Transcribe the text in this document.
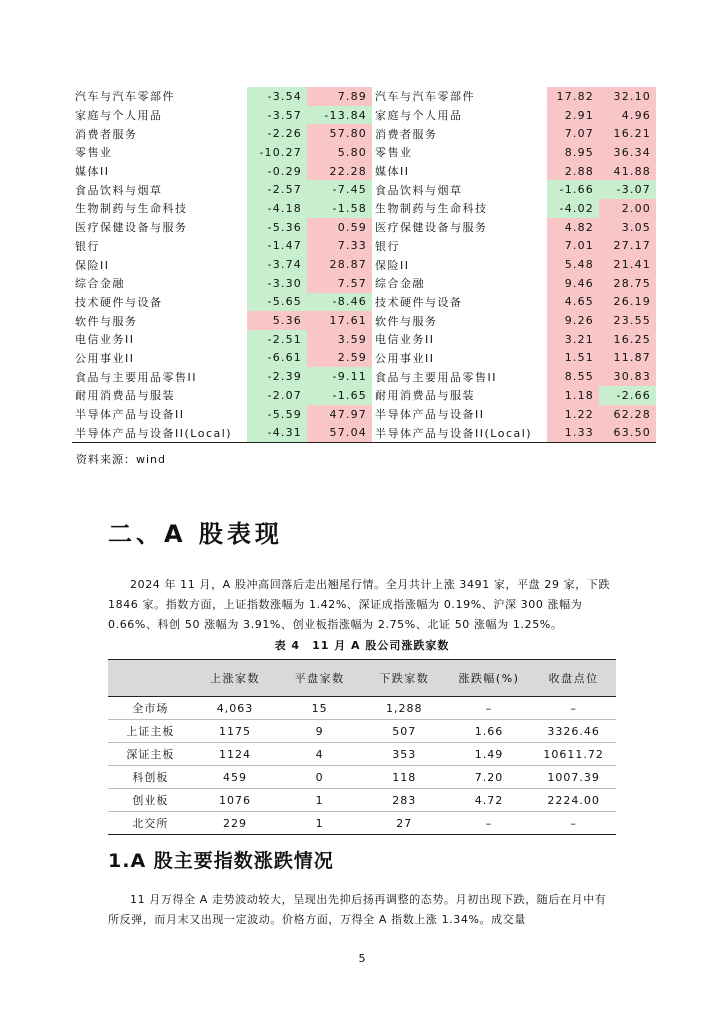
汽车与汽车零部件	-3.54	7.89	汽车与汽车零部件	17.82	32.10
家庭与个人用品	-3.57	-13.84	家庭与个人用品	2.91	4.96
消费者服务	-2.26	57.80	消费者服务	7.07	16.21
零售业	-10.27	5.80	零售业	8.95	36.34
媒体II	-0.29	22.28	媒体II	2.88	41.88
食品饮料与烟草	-2.57	-7.45	食品饮料与烟草	-1.66	-3.07
生物制药与生命科技	-4.18	-1.58	生物制药与生命科技	-4.02	2.00
医疗保健设备与服务	-5.36	0.59	医疗保健设备与服务	4.82	3.05
银行	-1.47	7.33	银行	7.01	27.17
保险II	-3.74	28.87	保险II	5.48	21.41
综合金融	-3.30	7.57	综合金融	9.46	28.75
技术硬件与设备	-5.65	-8.46	技术硬件与设备	4.65	26.19
软件与服务	5.36	17.61	软件与服务	9.26	23.55
电信业务II	-2.51	3.59	电信业务II	3.21	16.25
公用事业II	-6.61	2.59	公用事业II	1.51	11.87
食品与主要用品零售II	-2.39	-9.11	食品与主要用品零售II	8.55	30.83
耐用消费品与服装	-2.07	-1.65	耐用消费品与服装	1.18	-2.66
半导体产品与设备II	-5.59	47.97	半导体产品与设备II	1.22	62.28
半导体产品与设备II(Local)	-4.31	57.04	半导体产品与设备II(Local)	1.33	63.50
资料来源：wind
二、A 股表现

2024 年 11 月，A 股冲高回落后走出翘尾行情。全月共计上涨 3491 家，平盘 29 家，下跌 1846 家。指数方面，上证指数涨幅为 1.42%、深证成指涨幅为 0.19%、沪深 300 涨幅为 0.66%、科创 50 涨幅为 3.91%、创业板指涨幅为 2.75%、北证 50 涨幅为 1.25%。

表 4　11 月 A 股公司涨跌家数
	上涨家数	平盘家数	下跌家数	涨跌幅(%)	收盘点位
全市场	4,063	15	1,288	–	–
上证主板	1175	9	507	1.66	3326.46
深证主板	1124	4	353	1.49	10611.72
科创板	459	0	118	7.20	1007.39
创业板	1076	1	283	4.72	2224.00
北交所	229	1	27	–	–
1.A 股主要指数涨跌情况

11 月万得全 A 走势波动较大，呈现出先抑后扬再调整的态势。月初出现下跌，随后在月中有所反弹，而月末又出现一定波动。价格方面，万得全 A 指数上涨 1.34%。成交量

5
